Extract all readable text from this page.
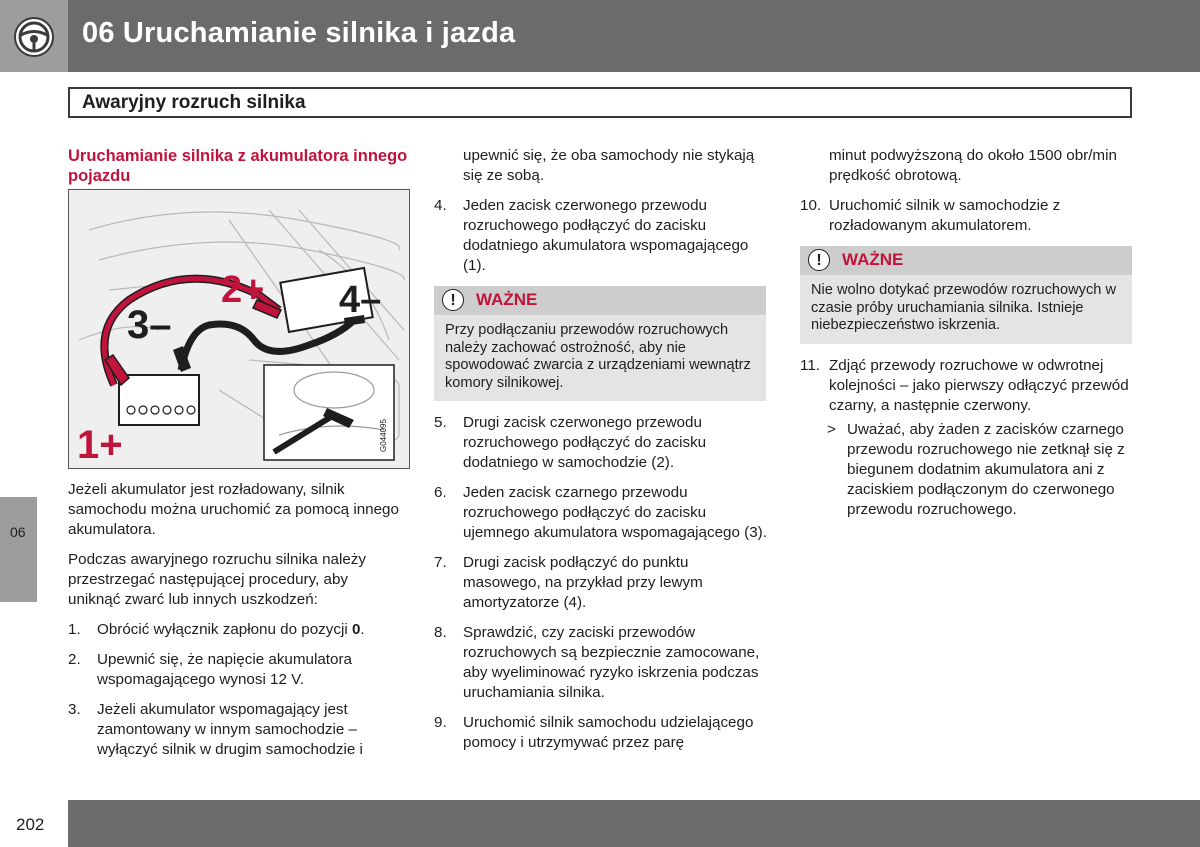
06 Uruchamianie silnika i jazda
Awaryjny rozruch silnika
06
Uruchamianie silnika z akumulatora innego pojazdu
1+
2+
3–
4–
G044095

Jeżeli akumulator jest rozładowany, silnik samochodu można uruchomić za pomocą innego akumulatora.

Podczas awaryjnego rozruchu silnika należy przestrzegać następującej procedury, aby uniknąć zwarć lub innych uszkodzeń:

1. Obrócić wyłącznik zapłonu do pozycji 0.
2. Upewnić się, że napięcie akumulatora wspomagającego wynosi 12 V.
3. Jeżeli akumulator wspomagający jest zamontowany w innym samochodzie – wyłączyć silnik w drugim samochodzie i

upewnić się, że oba samochody nie stykają się ze sobą.

4. Jeden zacisk czerwonego przewodu rozruchowego podłączyć do zacisku dodatniego akumulatora wspomagającego (1).
!	WAŻNE
Przy podłączaniu przewodów rozruchowych należy zachować ostrożność, aby nie spowodować zwarcia z urządzeniami wewnątrz komory silnikowej.
5. Drugi zacisk czerwonego przewodu rozruchowego podłączyć do zacisku dodatniego w samochodzie (2).
6. Jeden zacisk czarnego przewodu rozruchowego podłączyć do zacisku ujemnego akumulatora wspomagającego (3).
7. Drugi zacisk podłączyć do punktu masowego, na przykład przy lewym amortyzatorze (4).
8. Sprawdzić, czy zaciski przewodów rozruchowych są bezpiecznie zamocowane, aby wyeliminować ryzyko iskrzenia podczas uruchamiania silnika.
9. Uruchomić silnik samochodu udzielającego pomocy i utrzymywać przez parę

minut podwyższoną do około 1500 obr/min prędkość obrotową.

10. Uruchomić silnik w samochodzie z rozładowanym akumulatorem.
!	WAŻNE
Nie wolno dotykać przewodów rozruchowych w czasie próby uruchamiania silnika. Istnieje niebezpieczeństwo iskrzenia.
11. Zdjąć przewody rozruchowe w odwrotnej kolejności – jako pierwszy odłączyć przewód czarny, a następnie czerwony.
> Uważać, aby żaden z zacisków czarnego przewodu rozruchowego nie zetknął się z biegunem dodatnim akumulatora ani z zaciskiem podłączonym do czerwonego przewodu rozruchowego.
202
